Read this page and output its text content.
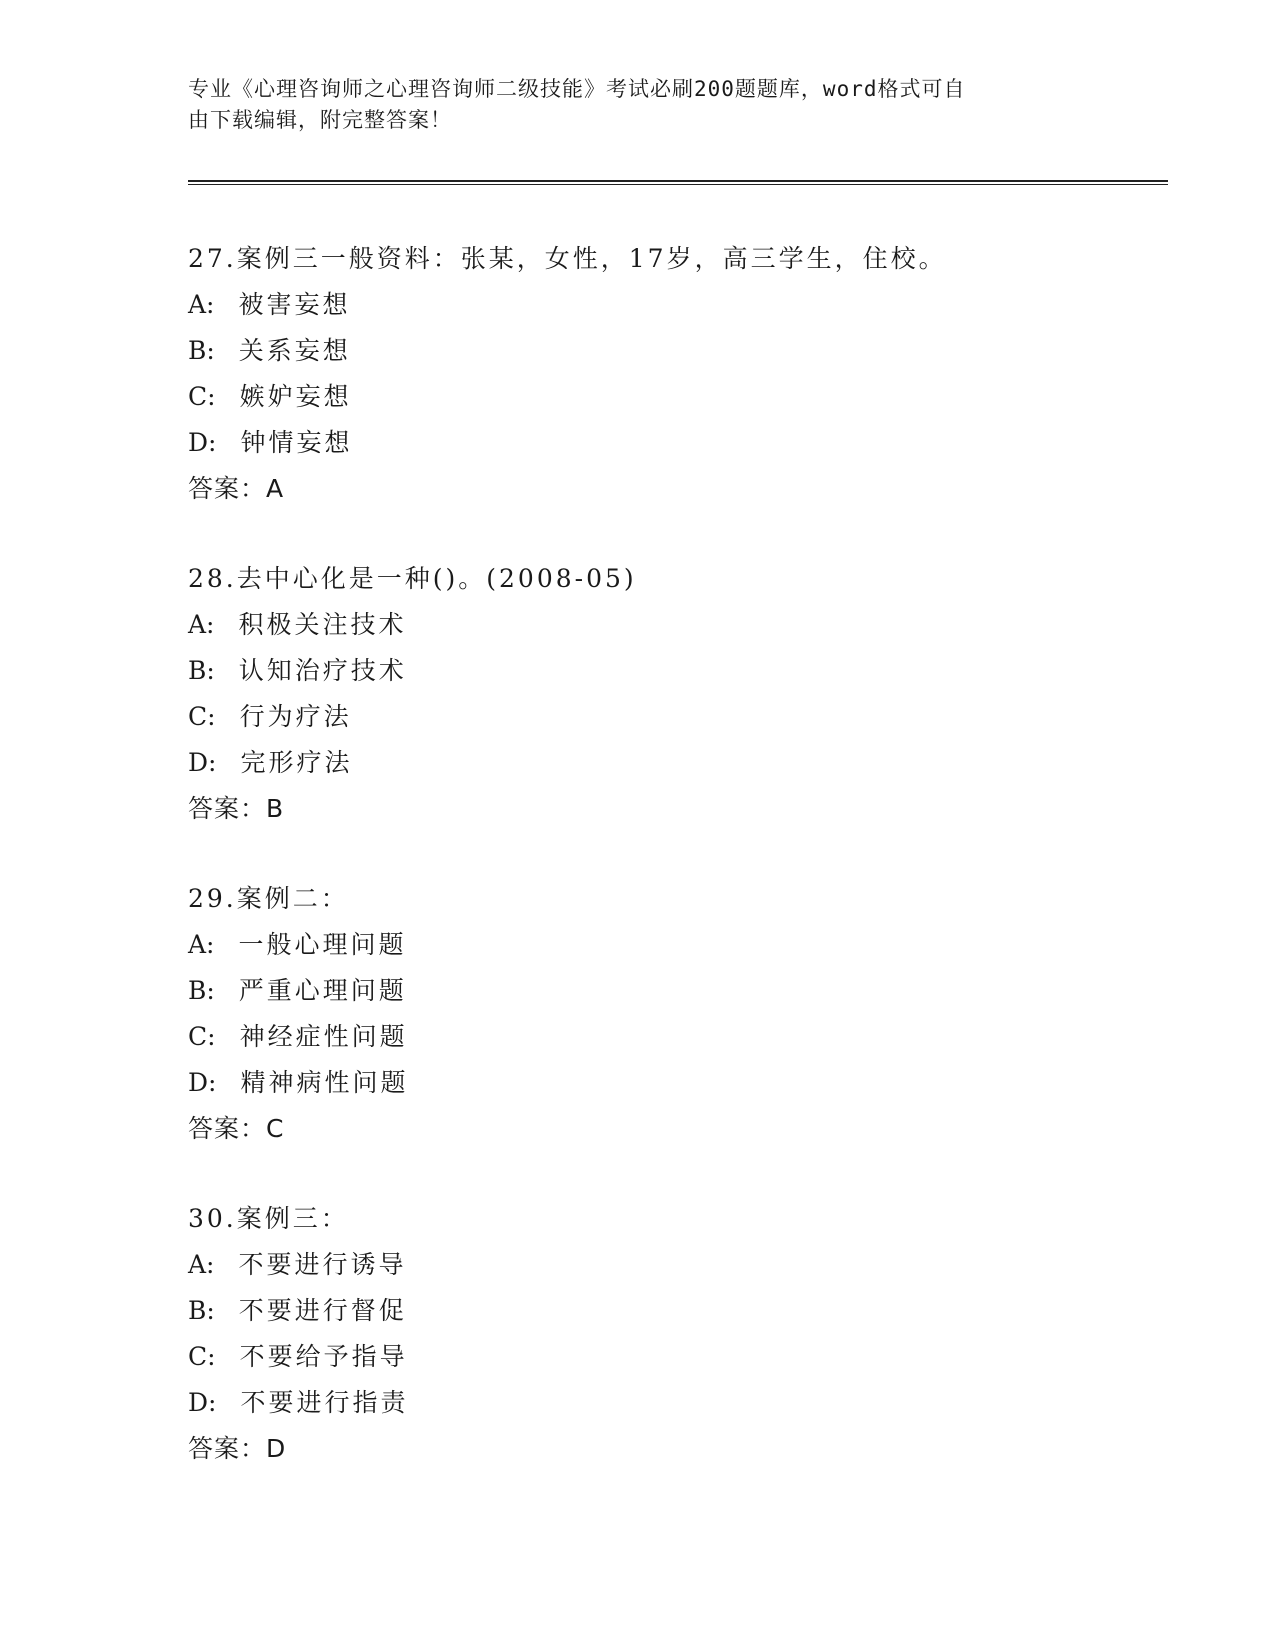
专业《心理咨询师之心理咨询师二级技能》考试必刷200题题库，word格式可自
由下载编辑，附完整答案！
27.案例三一般资料：张某，女性，17岁，高三学生，住校。
A: 被害妄想
B: 关系妄想
C: 嫉妒妄想
D: 钟情妄想
答案：A
28.去中心化是一种()。(2008-05)
A: 积极关注技术
B: 认知治疗技术
C: 行为疗法
D: 完形疗法
答案：B
29.案例二：
A: 一般心理问题
B: 严重心理问题
C: 神经症性问题
D: 精神病性问题
答案：C
30.案例三：
A: 不要进行诱导
B: 不要进行督促
C: 不要给予指导
D: 不要进行指责
答案：D
